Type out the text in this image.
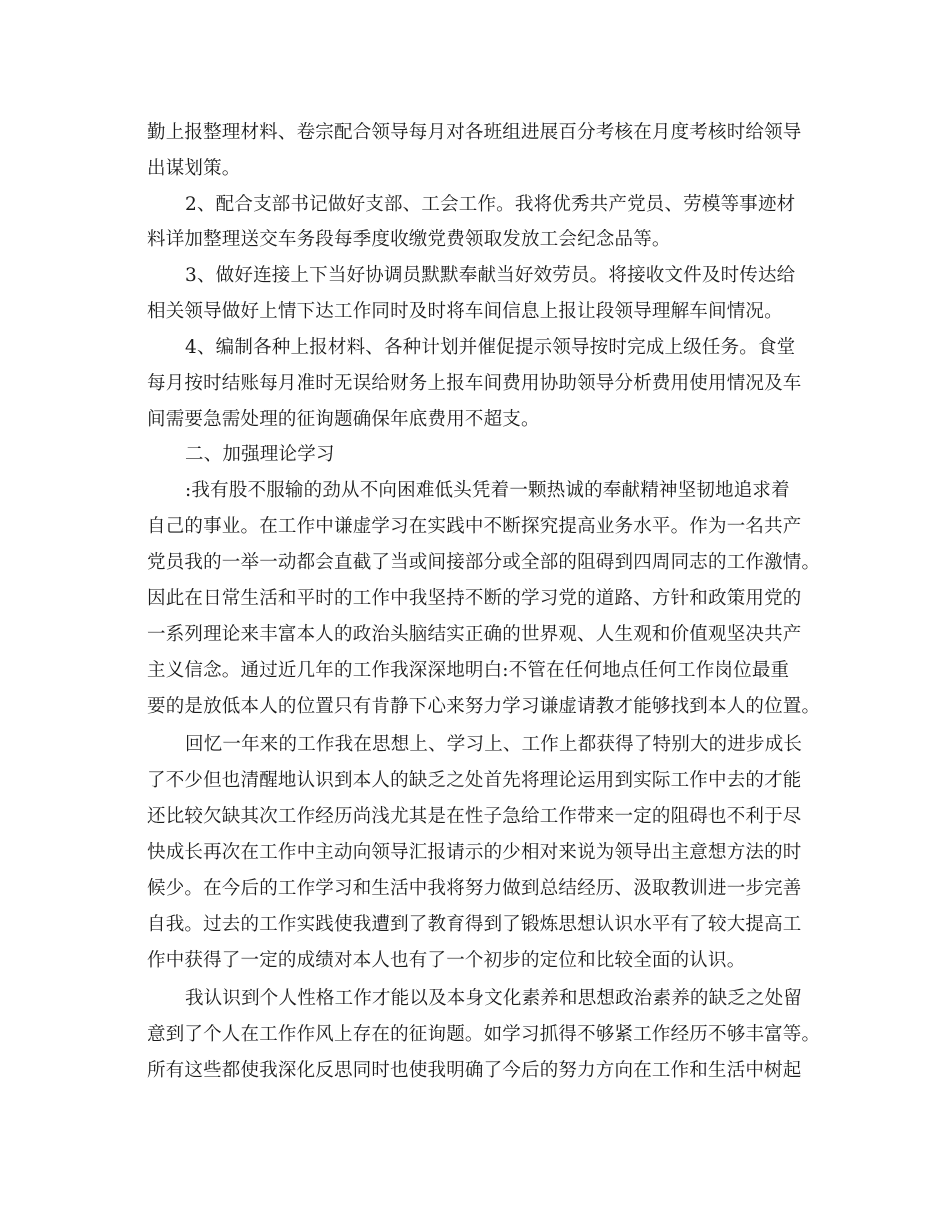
勤上报整理材料、卷宗配合领导每月对各班组进展百分考核在月度考核时给领导
出谋划策。
2、配合支部书记做好支部、工会工作。我将优秀共产党员、劳模等事迹材
料详加整理送交车务段每季度收缴党费领取发放工会纪念品等。
3、做好连接上下当好协调员默默奉献当好效劳员。将接收文件及时传达给
相关领导做好上情下达工作同时及时将车间信息上报让段领导理解车间情况。
4、编制各种上报材料、各种计划并催促提示领导按时完成上级任务。食堂
每月按时结账每月准时无误给财务上报车间费用协助领导分析费用使用情况及车
间需要急需处理的征询题确保年底费用不超支。
二、加强理论学习
:我有股不服输的劲从不向困难低头凭着一颗热诚的奉献精神坚韧地追求着
自己的事业。在工作中谦虚学习在实践中不断探究提高业务水平。作为一名共产
党员我的一举一动都会直截了当或间接部分或全部的阻碍到四周同志的工作激情。
因此在日常生活和平时的工作中我坚持不断的学习党的道路、方针和政策用党的
一系列理论来丰富本人的政治头脑结实正确的世界观、人生观和价值观坚决共产
主义信念。通过近几年的工作我深深地明白:不管在任何地点任何工作岗位最重
要的是放低本人的位置只有肯静下心来努力学习谦虚请教才能够找到本人的位置。
回忆一年来的工作我在思想上、学习上、工作上都获得了特别大的进步成长
了不少但也清醒地认识到本人的缺乏之处首先将理论运用到实际工作中去的才能
还比较欠缺其次工作经历尚浅尤其是在性子急给工作带来一定的阻碍也不利于尽
快成长再次在工作中主动向领导汇报请示的少相对来说为领导出主意想方法的时
候少。在今后的工作学习和生活中我将努力做到总结经历、汲取教训进一步完善
自我。过去的工作实践使我遭到了教育得到了锻炼思想认识水平有了较大提高工
作中获得了一定的成绩对本人也有了一个初步的定位和比较全面的认识。
我认识到个人性格工作才能以及本身文化素养和思想政治素养的缺乏之处留
意到了个人在工作作风上存在的征询题。如学习抓得不够紧工作经历不够丰富等。
所有这些都使我深化反思同时也使我明确了今后的努力方向在工作和生活中树起
